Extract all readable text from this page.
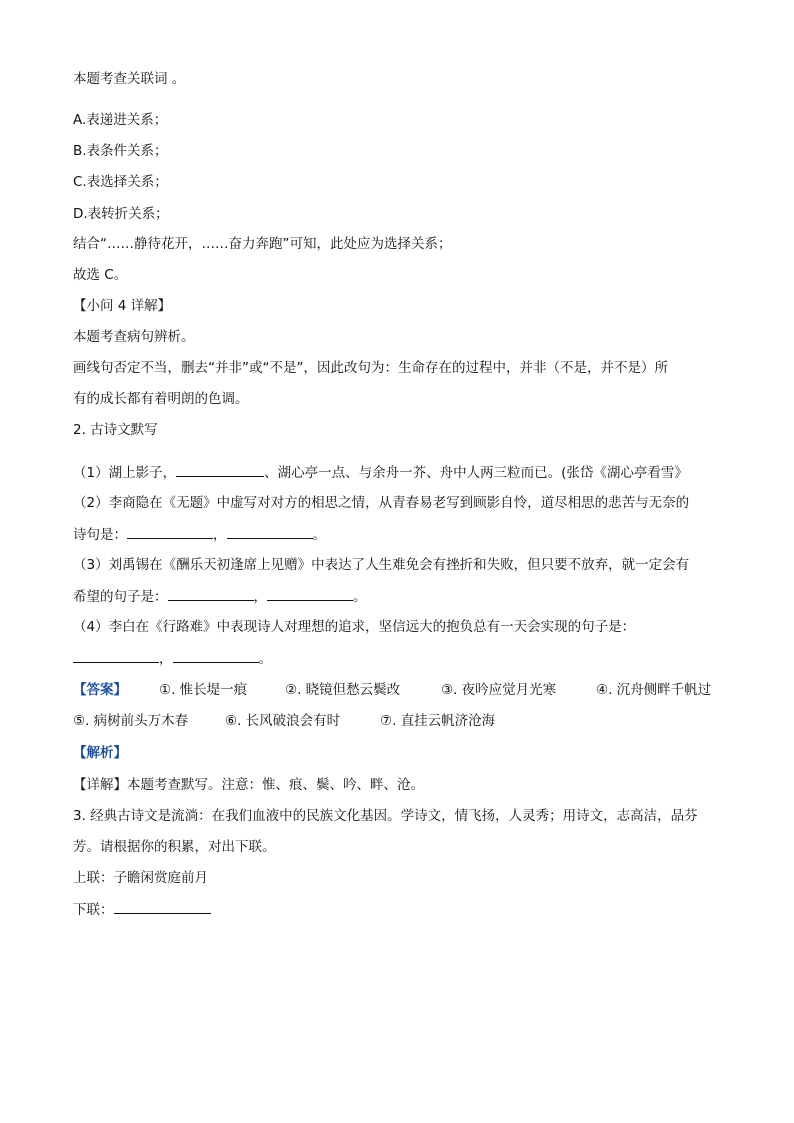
本题考查关联词 。
A.表递进关系；
B.表条件关系；
C.表选择关系；
D.表转折关系；
结合“……静待花开，……奋力奔跑”可知，此处应为选择关系；
故选 C。
【小问 4 详解】
本题考查病句辨析。
画线句否定不当，删去“并非”或“不是”，因此改句为：生命存在的过程中，并非（不是，并不是）所
有的成长都有着明朗的色调。
2. 古诗文默写
（1）湖上影子，	、湖心亭一点、与余舟一芥、舟中人两三粒而已。(张岱《湖心亭看雪》
（2）李商隐在《无题》中虚写对对方的相思之情，从青春易老写到顾影自怜，道尽相思的悲苦与无奈的
诗句是：	，	。
（3）刘禹锡在《酬乐天初逢席上见赠》中表达了人生难免会有挫折和失败，但只要不放弃，就一定会有
希望的句子是：	，	。
（4）李白在《行路难》中表现诗人对理想的追求，坚信远大的抱负总有一天会实现的句子是：
，	。
【答案】 ①. 惟长堤一痕	②. 晓镜但愁云鬓改	③. 夜吟应觉月光寒	④. 沉舟侧畔千帆过
⑤. 病树前头万木春	⑥. 长风破浪会有时	⑦. 直挂云帆济沧海
【解析】
【详解】本题考查默写。注意：惟、痕、鬓、吟、畔、沧。
3. 经典古诗文是流淌：在我们血液中的民族文化基因。学诗文，情飞扬，人灵秀；用诗文，志高洁，品芬
芳。请根据你的积累，对出下联。
上联：子瞻闲赏庭前月
下联：
